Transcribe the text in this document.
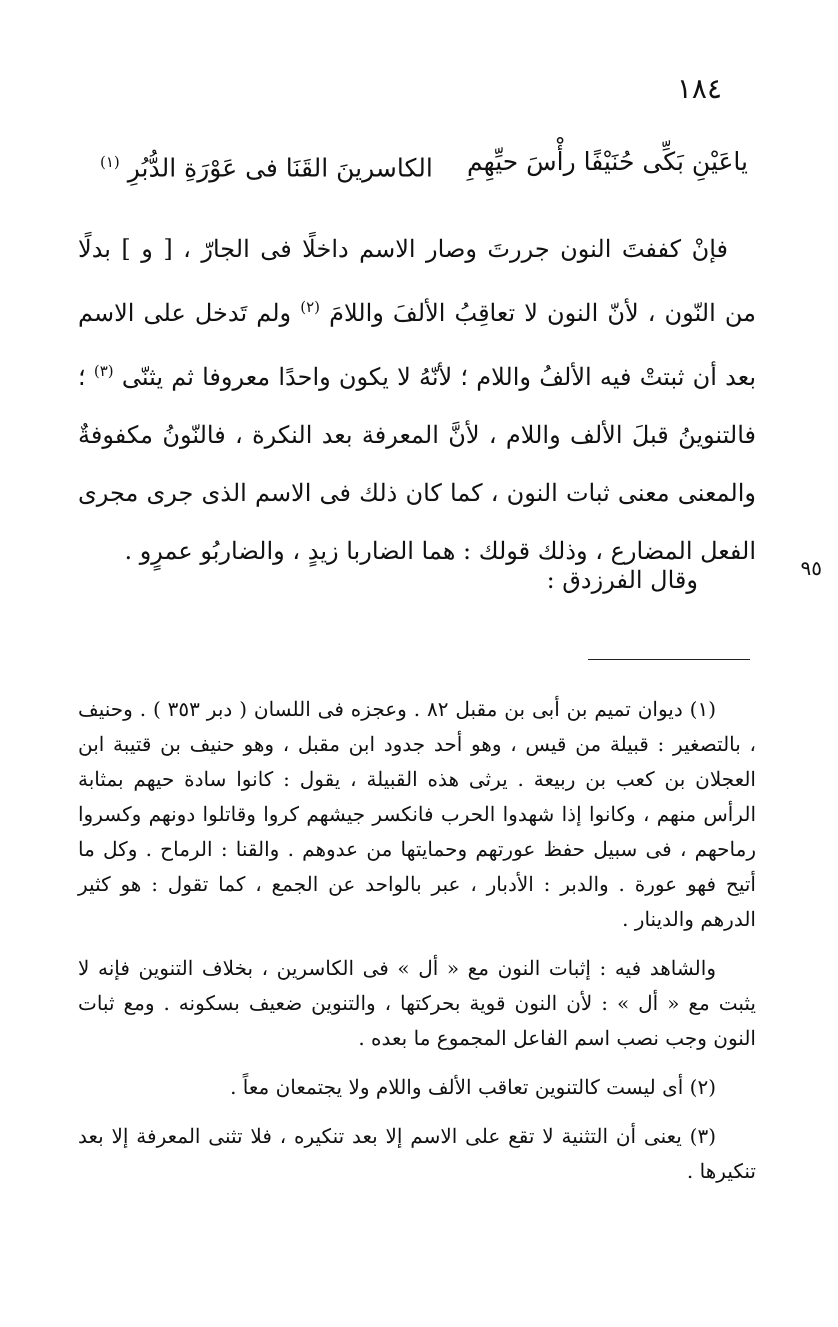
١٨٤
ياعَيْنِ بَكِّى حُنَيْفًا رأْسَ حيِّهِمِ
الكاسرينَ القَنَا فى عَوْرَةِ الدُّبُرِ $^{(١)}$

فإنْ كففتَ النون جررتَ وصار الاسم داخلًا فى الجارّ ، [ و ] بدلًا من النّون ، لأنّ النون لا تعاقِبُ الألفَ واللامَ $^{(٢)}$ ولم تَدخل على الاسم بعد أن ثبتتْ فيه الألفُ واللام ؛ لأنّهُ لا يكون واحدًا معروفا ثم يثنّى $^{(٣)}$ ؛ فالتنوينُ قبلَ الألف واللام ، لأنَّ المعرفة بعد النكرة ، فالنّونُ مكفوفةٌ والمعنى معنى ثبات النون ، كما كان ذلك فى الاسم الذى جرى مجرى الفعل المضارع ، وذلك قولك : هما الضاربا زيدٍ ، والضاربُو عمرٍو .

وقال الفرزدق :	٩٥

(١) ديوان تميم بن أبى بن مقبل ٨٢ . وعجزه فى اللسان ( دبر ٣٥٣ ) . وحنيف ، بالتصغير : قبيلة من قيس ، وهو أحد جدود ابن مقبل ، وهو حنيف بن قتيبة ابن العجلان بن كعب بن ربيعة . يرثى هذه القبيلة ، يقول : كانوا سادة حيهم بمثابة الرأس منهم ، وكانوا إذا شهدوا الحرب فانكسر جيشهم كروا وقاتلوا دونهم وكسروا رماحهم ، فى سبيل حفظ عورتهم وحمايتها من عدوهم . والقنا : الرماح . وكل ما أتيح فهو عورة . والدبر : الأدبار ، عبر بالواحد عن الجمع ، كما تقول : هو كثير الدرهم والدينار .

والشاهد فيه : إثبات النون مع « أل » فى الكاسرين ، بخلاف التنوين فإنه لا يثبت مع « أل » : لأن النون قوية بحركتها ، والتنوين ضعيف بسكونه . ومع ثبات النون وجب نصب اسم الفاعل المجموع ما بعده .

(٢) أى ليست كالتنوين تعاقب الألف واللام ولا يجتمعان معاً .

(٣) يعنى أن التثنية لا تقع على الاسم إلا بعد تنكيره ، فلا تثنى المعرفة إلا بعد تنكيرها .
